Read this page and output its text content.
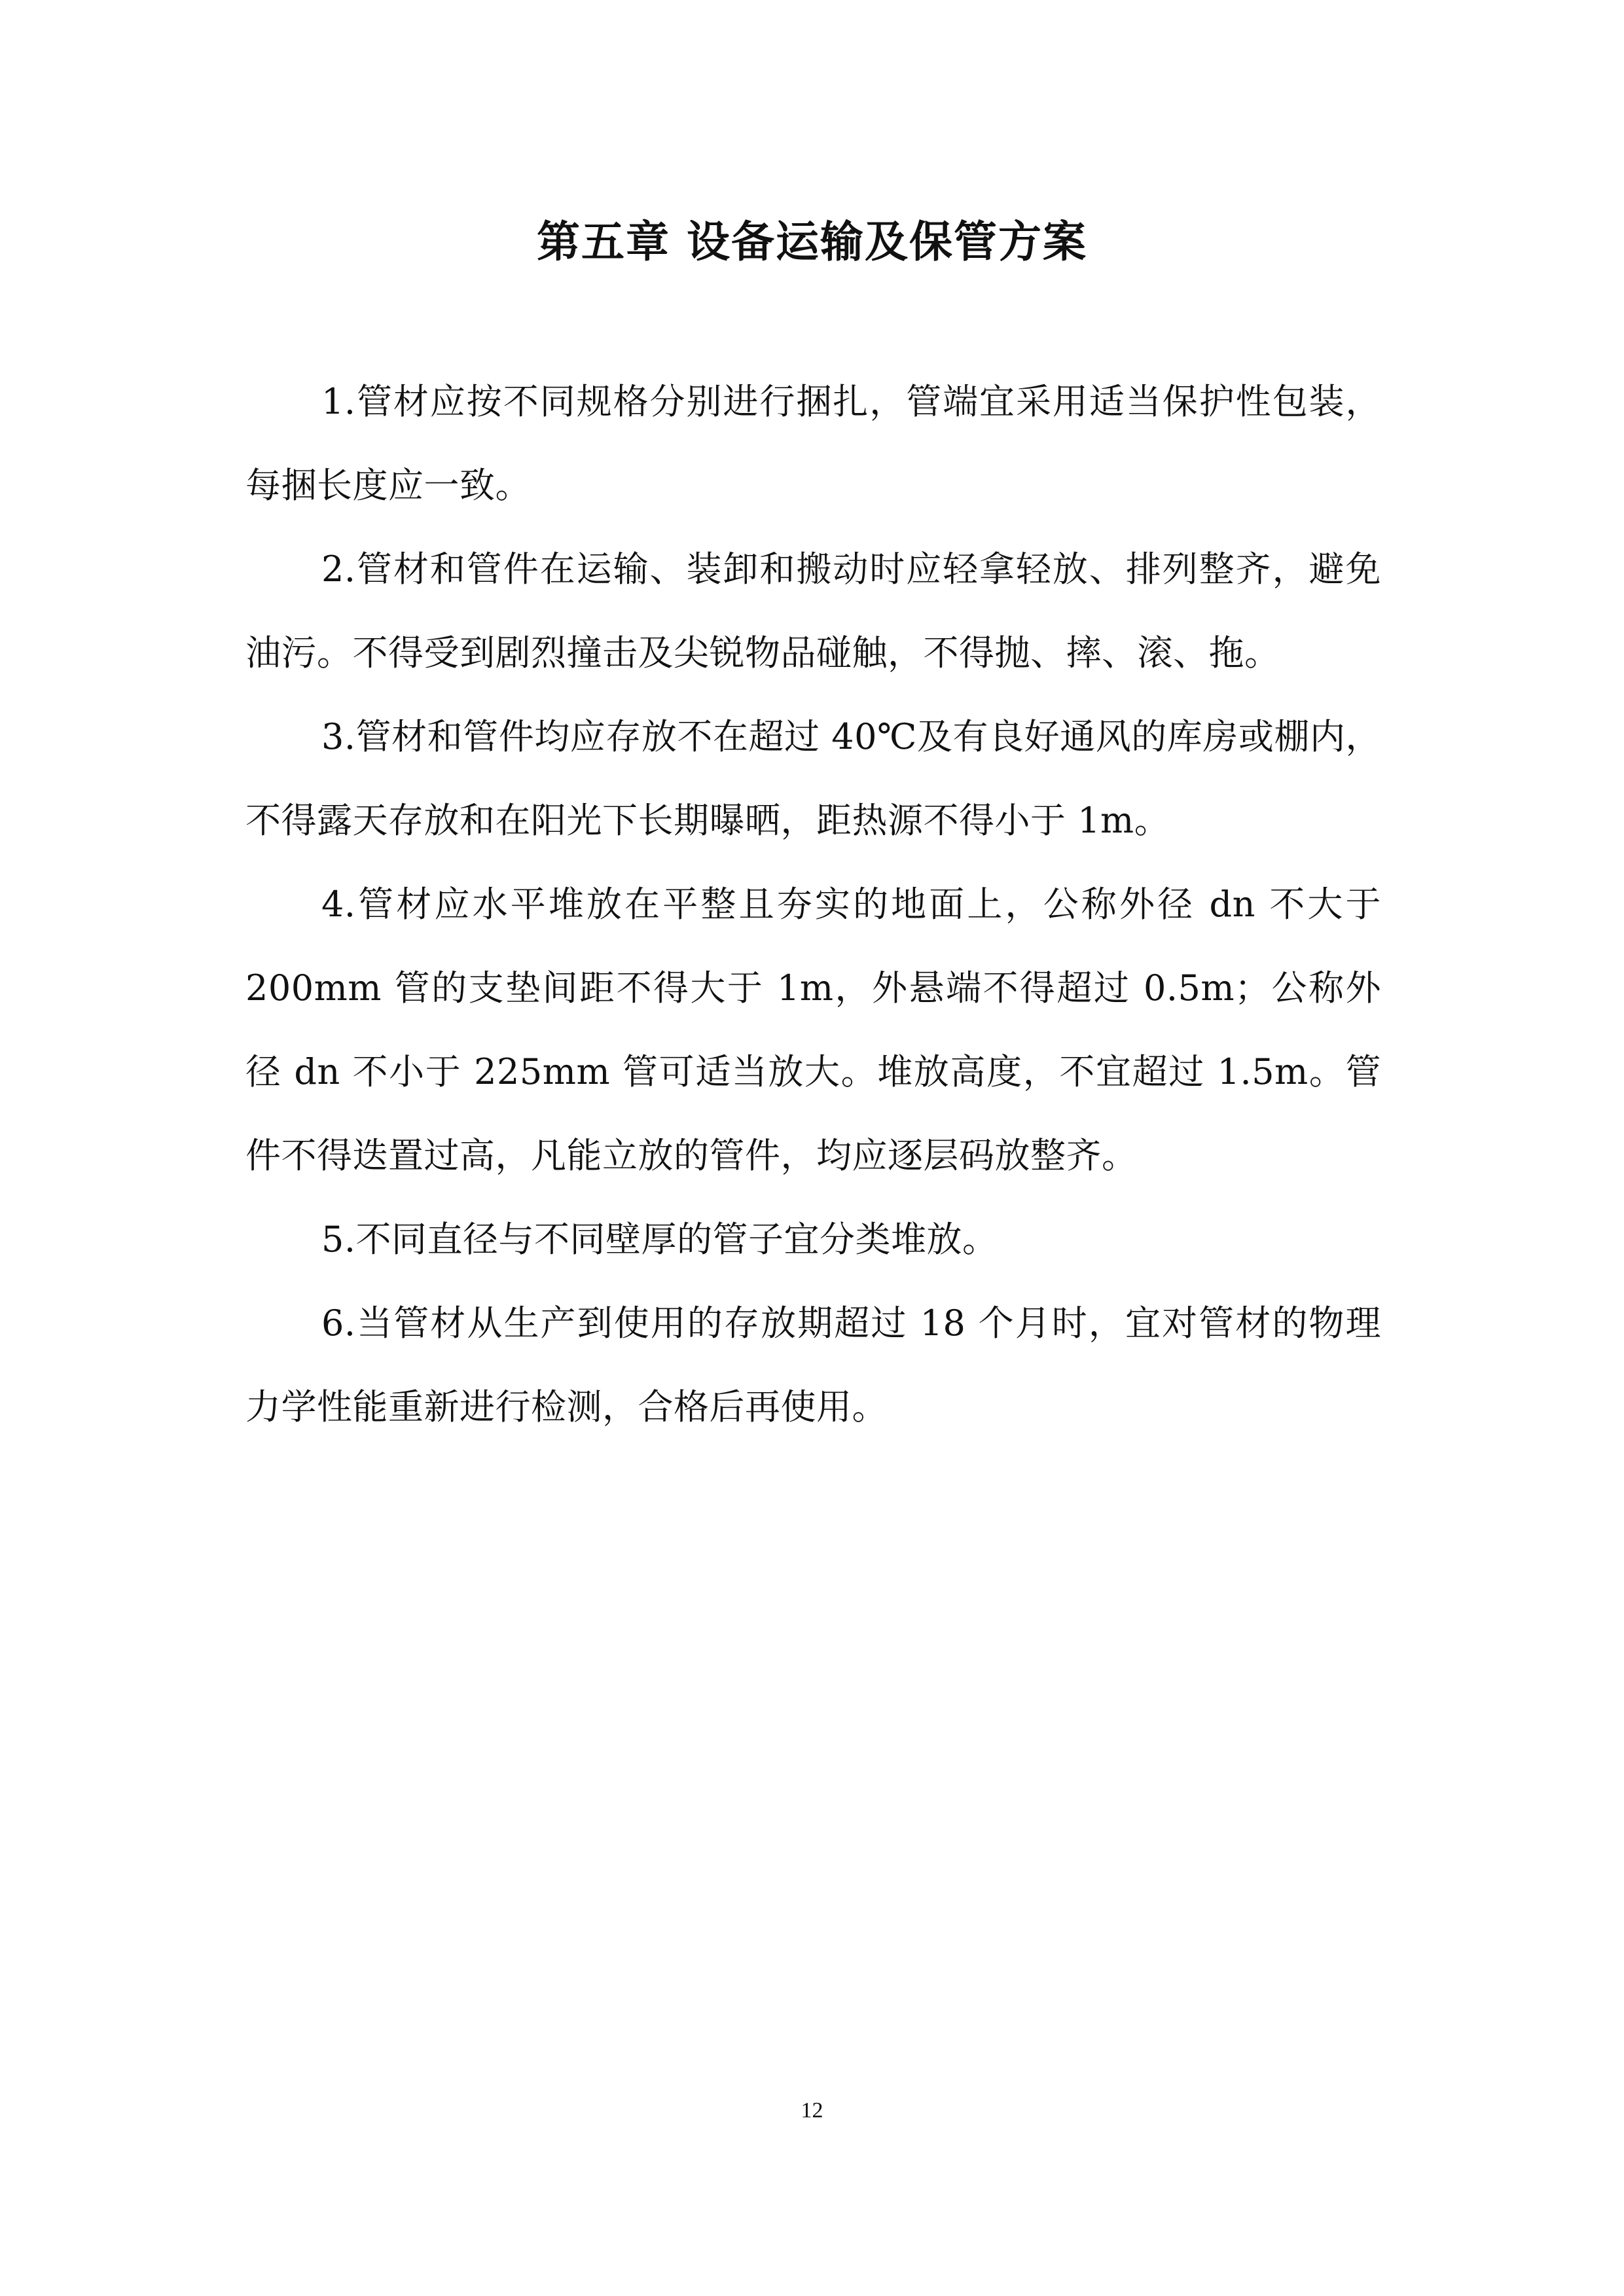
第五章 设备运输及保管方案

1.管材应按不同规格分别进行捆扎，管端宜采用适当保护性包装，每捆长度应一致。

2.管材和管件在运输、装卸和搬动时应轻拿轻放、排列整齐，避免油污。不得受到剧烈撞击及尖锐物品碰触，不得抛、摔、滚、拖。

3.管材和管件均应存放不在超过 40℃及有良好通风的库房或棚内，不得露天存放和在阳光下长期曝晒，距热源不得小于 1m。

4.管材应水平堆放在平整且夯实的地面上，公称外径 dn 不大于 200mm 管的支垫间距不得大于 1m，外悬端不得超过 0.5m；公称外径 dn 不小于 225mm 管可适当放大。堆放高度，不宜超过 1.5m。管件不得迭置过高，凡能立放的管件，均应逐层码放整齐。

5.不同直径与不同壁厚的管子宜分类堆放。

6.当管材从生产到使用的存放期超过 18 个月时，宜对管材的物理力学性能重新进行检测，合格后再使用。

12
